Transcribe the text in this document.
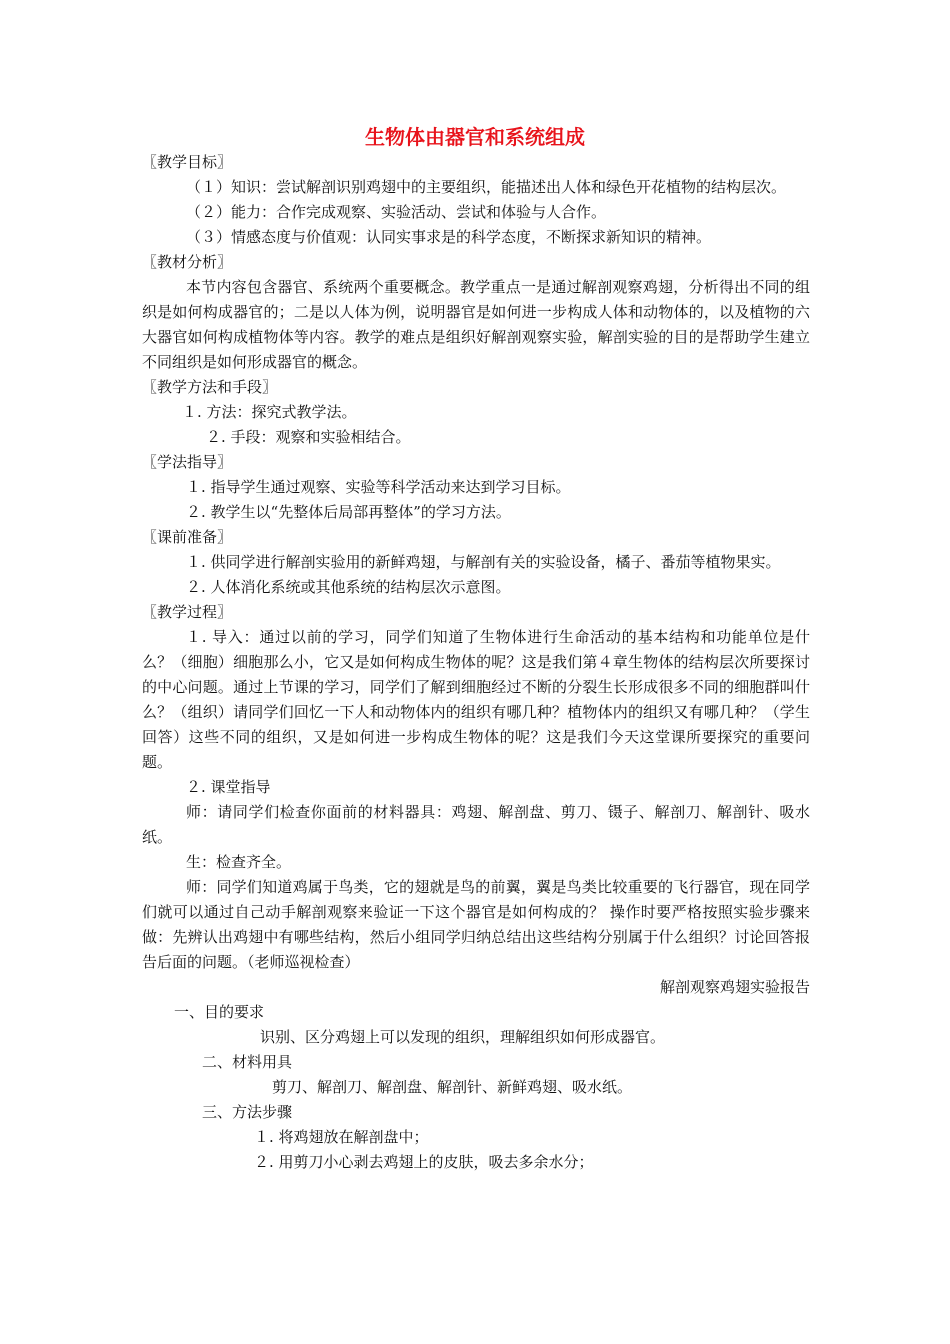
生物体由器官和系统组成

〖教学目标〗

（１）知识：尝试解剖识别鸡翅中的主要组织，能描述出人体和绿色开花植物的结构层次。

（２）能力：合作完成观察、实验活动、尝试和体验与人合作。

（３）情感态度与价值观：认同实事求是的科学态度，不断探求新知识的精神。

〖教材分析〗

本节内容包含器官、系统两个重要概念。教学重点一是通过解剖观察鸡翅，分析得出不同的组织是如何构成器官的；二是以人体为例，说明器官是如何进一步构成人体和动物体的，以及植物的六大器官如何构成植物体等内容。教学的难点是组织好解剖观察实验，解剖实验的目的是帮助学生建立不同组织是如何形成器官的概念。

〖教学方法和手段〗

１. 方法：探究式教学法。

２. 手段：观察和实验相结合。

〖学法指导〗

１. 指导学生通过观察、实验等科学活动来达到学习目标。

２. 教学生以“先整体后局部再整体”的学习方法。

〖课前准备〗

１. 供同学进行解剖实验用的新鲜鸡翅，与解剖有关的实验设备，橘子、番茄等植物果实。

２. 人体消化系统或其他系统的结构层次示意图。

〖教学过程〗

１. 导入：通过以前的学习，同学们知道了生物体进行生命活动的基本结构和功能单位是什么？（细胞）细胞那么小，它又是如何构成生物体的呢？这是我们第４章生物体的结构层次所要探讨的中心问题。通过上节课的学习，同学们了解到细胞经过不断的分裂生长形成很多不同的细胞群叫什么？（组织）请同学们回忆一下人和动物体内的组织有哪几种？植物体内的组织又有哪几种？（学生回答）这些不同的组织，又是如何进一步构成生物体的呢？这是我们今天这堂课所要探究的重要问题。

２. 课堂指导

师：请同学们检查你面前的材料器具：鸡翅、解剖盘、剪刀、镊子、解剖刀、解剖针、吸水纸。

生：检查齐全。

师：同学们知道鸡属于鸟类，它的翅就是鸟的前翼，翼是鸟类比较重要的飞行器官，现在同学们就可以通过自己动手解剖观察来验证一下这个器官是如何构成的？ 操作时要严格按照实验步骤来做：先辨认出鸡翅中有哪些结构，然后小组同学归纳总结出这些结构分别属于什么组织？讨论回答报告后面的问题。（老师巡视检查）

解剖观察鸡翅实验报告

一、目的要求

识别、区分鸡翅上可以发现的组织，理解组织如何形成器官。

二、材料用具

剪刀、解剖刀、解剖盘、解剖针、新鲜鸡翅、吸水纸。

三、方法步骤

１. 将鸡翅放在解剖盘中；

２. 用剪刀小心剥去鸡翅上的皮肤，吸去多余水分；
